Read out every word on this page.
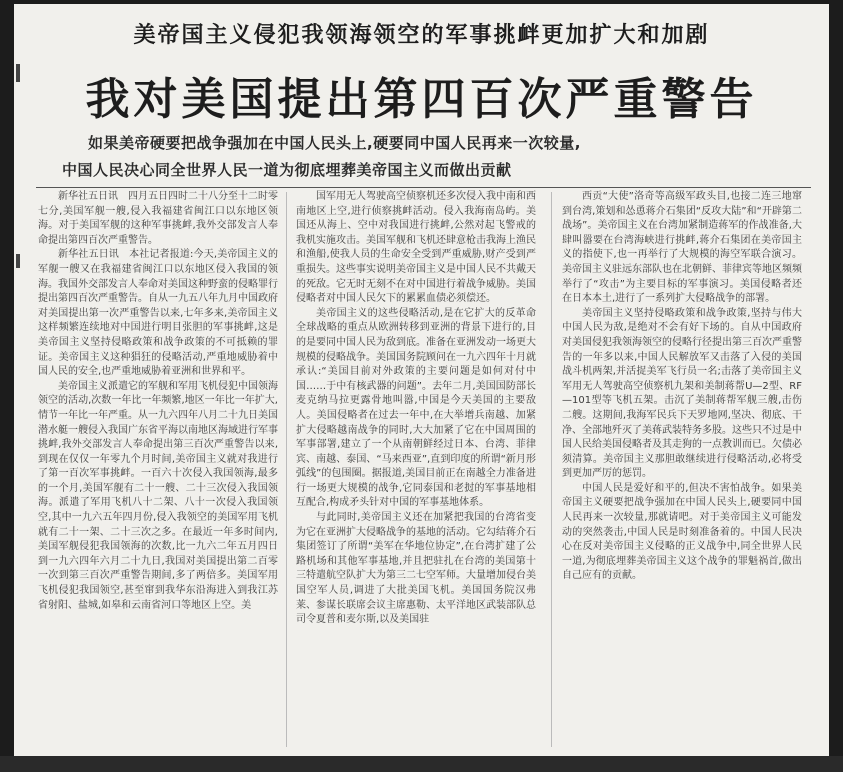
美帝国主义侵犯我领海领空的军事挑衅更加扩大和加剧
我对美国提出第四百次严重警告
如果美帝硬要把战争强加在中国人民头上,硬要同中国人民再来一次较量,
中国人民决心同全世界人民一道为彻底埋葬美帝国主义而做出贡献

新华社五日讯　四月五日四时二十八分至十二时零七分,美国军舰一艘,侵入我福建省闽江口以东地区领海。对于美国军舰的这种军事挑衅,我外交部发言人奉命提出第四百次严重警告。

新华社五日讯　本社记者报道:今天,美帝国主义的军舰一艘又在我福建省闽江口以东地区侵入我国的领海。我国外交部发言人奉命对美国这种野蛮的侵略罪行提出第四百次严重警告。自从一九五八年九月中国政府对美国提出第一次严重警告以来,七年多来,美帝国主义这样频繁连续地对中国进行明目张胆的军事挑衅,这是美帝国主义坚持侵略政策和战争政策的不可抵赖的罪证。美帝国主义这种猖狂的侵略活动,严重地威胁着中国人民的安全,也严重地威胁着亚洲和世界和平。

美帝国主义派遣它的军舰和军用飞机侵犯中国领海领空的活动,次数一年比一年频繁,地区一年比一年扩大,情节一年比一年严重。从一九六四年八月二十九日美国潜水艇一艘侵入我国广东省平海以南地区海域进行军事挑衅,我外交部发言人奉命提出第三百次严重警告以来,到现在仅仅一年零九个月时间,美帝国主义就对我进行了第一百次军事挑衅。一百六十次侵入我国领海,最多的一个月,美国军舰有二十一艘、二十三次侵入我国领海。派遣了军用飞机八十二架、八十一次侵入我国领空,其中一九六五年四月份,侵入我领空的美国军用飞机就有二十一架、二十三次之多。在最近一年多时间内,美国军舰侵犯我国领海的次数,比一九六二年五月四日到一九六四年六月二十九日,我国对美国提出第二百零一次到第三百次严重警告期间,多了两倍多。美国军用飞机侵犯我国领空,甚至窜到我华东沿海进入到我江苏省射阳、盐城,如皋和云南省河口等地区上空。美

国军用无人驾驶高空侦察机还多次侵入我中南和西南地区上空,进行侦察挑衅活动。侵入我海南岛屿。美国还从海上、空中对我国进行挑衅,公然对起飞警戒的我机实施攻击。美国军舰和飞机还肆意枪击我海上渔民和渔船,使我人员的生命安全受到严重威胁,财产受到严重损失。这些事实说明美帝国主义是中国人民不共戴天的死敌。它无时无刻不在对中国进行着战争威胁。美国侵略者对中国人民欠下的累累血债必须偿还。

美帝国主义的这些侵略活动,是在它扩大的反革命全球战略的重点从欧洲转移到亚洲的背景下进行的,目的是要同中国人民为敌到底。准备在亚洲发动一场更大规模的侵略战争。美国国务院顾问在一九六四年十月就承认:“美国目前对外政策的主要问题是如何对付中国……于中有核武器的问题”。去年二月,美国国防部长麦克纳马拉更露骨地叫嚣,中国是今天美国的主要敌人。美国侵略者在过去一年中,在大举增兵南越、加紧扩大侵略越南战争的同时,大大加紧了它在中国周围的军事部署,建立了一个从南朝鲜经过日本、台湾、菲律宾、南越、泰国、“马来西亚”,直到印度的所谓“新月形弧线”的包围圈。据报道,美国目前正在南越全力准备进行一场更大规模的战争,它同泰国和老挝的军事基地相互配合,构成矛头针对中国的军事基地体系。

与此同时,美帝国主义还在加紧把我国的台湾省变为它在亚洲扩大侵略战争的基地的活动。它勾结蒋介石集团签订了所谓“美军在华地位协定”,在台湾扩建了公路机场和其他军事基地,并且把驻扎在台湾的美国第十三特遣航空队扩大为第三二七空军师。大量增加侵台美国空军人员,调进了大批美国飞机。美国国务院汉弗莱、参谋长联席会议主席惠勒、太平洋地区武装部队总司令夏普和麦尔斯,以及美国驻

西贡“大使”洛奇等高级军政头目,也接二连三地窜到台湾,策划和怂恿蒋介石集团“反攻大陆”和“开辟第二战场”。美帝国主义在台湾加紧制造蒋军的作战准备,大肆叫嚣要在台湾海峡进行挑衅,蒋介石集团在美帝国主义的指使下,也一再举行了大规模的海空军联合演习。美帝国主义驻远东部队也在北朝鲜、菲律宾等地区频频举行了“攻击”为主要目标的军事演习。美国侵略者还在日本本土,进行了一系列扩大侵略战争的部署。

美帝国主义坚持侵略政策和战争政策,坚持与伟大中国人民为敌,是绝对不会有好下场的。自从中国政府对美国侵犯我领海领空的侵略行径提出第三百次严重警告的一年多以来,中国人民解放军又击落了入侵的美国战斗机两架,并活捉美军飞行员一名;击落了美帝国主义军用无人驾驶高空侦察机九架和美制蒋帮U—2型、RF—101型等飞机五架。击沉了美制蒋帮军舰三艘,击伤二艘。这期间,我海军民兵下天罗地网,坚决、彻底、干净、全部地歼灭了美蒋武装特务多股。这些只不过是中国人民给美国侵略者及其走狗的一点教训而已。欠债必须清算。美帝国主义那胆敢继续进行侵略活动,必将受到更加严厉的惩罚。

中国人民是爱好和平的,但决不害怕战争。如果美帝国主义硬要把战争强加在中国人民头上,硬要同中国人民再来一次较量,那就请吧。对于美帝国主义可能发动的突然袭击,中国人民是时刻准备着的。中国人民决心在反对美帝国主义侵略的正义战争中,同全世界人民一道,为彻底埋葬美帝国主义这个战争的罪魁祸首,做出自己应有的贡献。
